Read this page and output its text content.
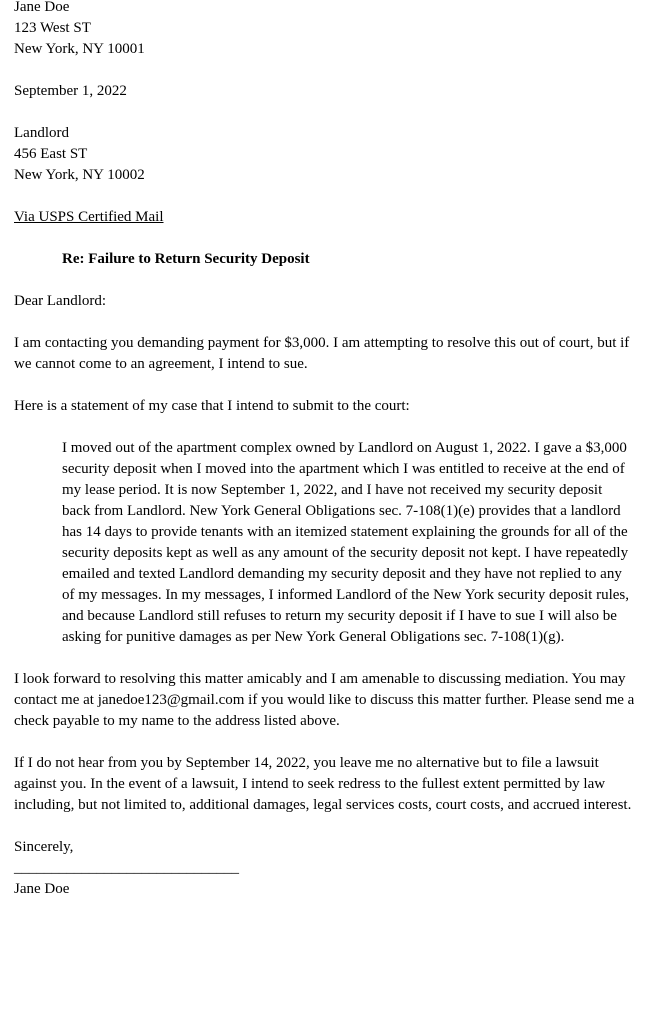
Jane Doe
123 West ST
New York, NY 10001
September 1, 2022
Landlord
456 East ST
New York, NY 10002
Via USPS Certified Mail
Re: Failure to Return Security Deposit
Dear Landlord:

I am contacting you demanding payment for $3,000. I am attempting to resolve this out of court, but if we cannot come to an agreement, I intend to sue.

Here is a statement of my case that I intend to submit to the court:

I moved out of the apartment complex owned by Landlord on August 1, 2022. I gave a $3,000 security deposit when I moved into the apartment which I was entitled to receive at the end of my lease period. It is now September 1, 2022, and I have not received my security deposit back from Landlord. New York General Obligations sec. 7-108(1)(e) provides that a landlord has 14 days to provide tenants with an itemized statement explaining the grounds for all of the security deposits kept as well as any amount of the security deposit not kept. I have repeatedly emailed and texted Landlord demanding my security deposit and they have not replied to any of my messages. In my messages, I informed Landlord of the New York security deposit rules, and because Landlord still refuses to return my security deposit if I have to sue I will also be asking for punitive damages as per New York General Obligations sec. 7-108(1)(g).

I look forward to resolving this matter amicably and I am amenable to discussing mediation. You may contact me at janedoe123@gmail.com if you would like to discuss this matter further. Please send me a check payable to my name to the address listed above.

If I do not hear from you by September 14, 2022, you leave me no alternative but to file a lawsuit against you. In the event of a lawsuit, I intend to seek redress to the fullest extent permitted by law including, but not limited to, additional damages, legal services costs, court costs, and accrued interest.

Sincerely,
______________________________
Jane Doe
